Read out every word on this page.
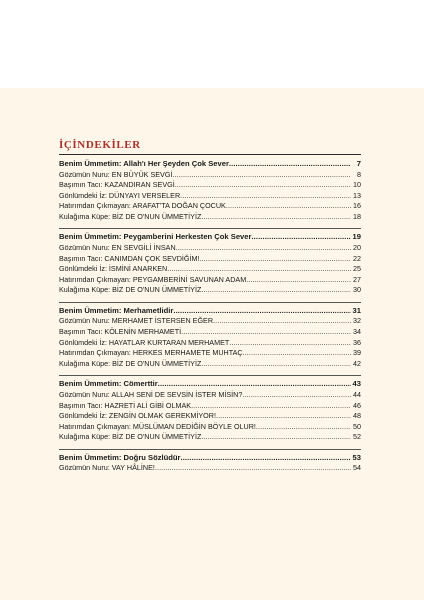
İÇİNDEKİLER
Benim Ümmetim: Allah'ı Her Şeyden Çok Sever .....	7
Gözümün Nuru: EN BÜYÜK SEVGİ .....	8
Başımın Tacı: KAZANDIRAN SEVGİ .....	10
Gönlümdeki İz: DÜNYAYI VERSELER .....	13
Hatırımdan Çıkmayan: ARAFAT'TA DOĞAN ÇOCUK .....	16
Kulağıma Küpe: BİZ DE O'NUN ÜMMETİYİZ .....	18
Benim Ümmetim: Peygamberini Herkesten Çok Sever .....	19
Gözümün Nuru: EN SEVGİLİ İNSAN .....	20
Başımın Tacı: CANIMDAN ÇOK SEVDİĞİM! .....	22
Gönlümdeki İz: İSMİNİ ANARKEN .....	25
Hatırımdan Çıkmayan: PEYGAMBERİNİ SAVUNAN ADAM .....	27
Kulağıma Küpe: BİZ DE O'NUN ÜMMETİYİZ .....	30
Benim Ümmetim: Merhametlidir .....	31
Gözümün Nuru: MERHAMET İSTERSEN EĞER .....	32
Başımın Tacı: KÖLENİN MERHAMETİ .....	34
Gönlümdeki İz: HAYATLAR KURTARAN MERHAMET .....	36
Hatırımdan Çıkmayan: HERKES MERHAMETE MUHTAÇ .....	39
Kulağıma Küpe: BİZ DE O'NUN ÜMMETİYİZ .....	42
Benim Ümmetim: Cömerttir .....	43
Gözümün Nuru: ALLAH SENİ DE SEVSİN İSTER MİSİN? .....	44
Başımın Tacı: HAZRETİ ALİ GİBİ OLMAK .....	46
Gönlümdeki İz: ZENGİN OLMAK GEREKMİYOR! .....	48
Hatırımdan Çıkmayan: MÜSLÜMAN DEDİĞİN BÖYLE OLUR! .....	50
Kulağıma Küpe: BİZ DE O'NUN ÜMMETİYİZ .....	52
Benim Ümmetim: Doğru Sözlüdür .....	53
Gözümün Nuru: VAY HÂLİNE! .....	54
